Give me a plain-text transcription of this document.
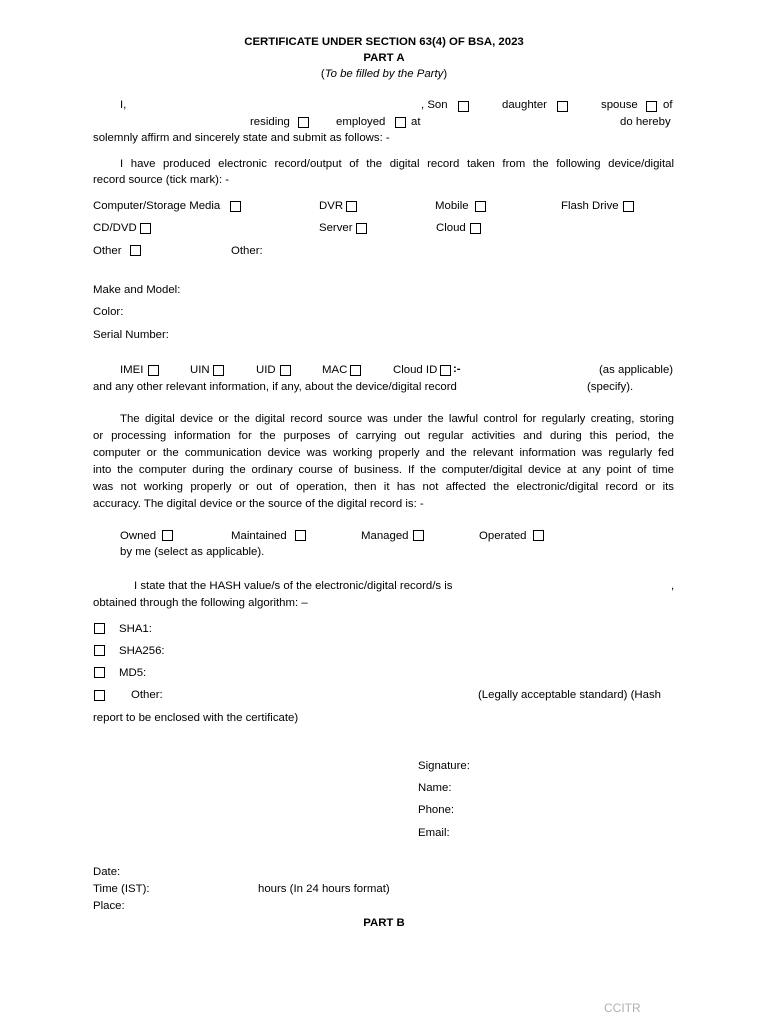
CERTIFICATE UNDER SECTION 63(4) OF BSA, 2023
PART A
(To be filled by the Party)
I,	, Son	daughter	spouse of
residing	employed at	do hereby
solemnly affirm and sincerely state and submit as follows: -
I have produced electronic record/output of the digital record taken from the following device/digital
record source (tick mark): -
Computer/Storage Media	DVR	Mobile	Flash Drive
CD/DVD	Server	Cloud
Other	Other:
Make and Model:
Color:
Serial Number:
IMEI	UIN	UID	MAC	Cloud ID :-	(as applicable)
and any other relevant information, if any, about the device/digital record	(specify).
The digital device or the digital record source was under the lawful control for regularly creating, storing
or processing information for the purposes of carrying out regular activities and during this period, the
computer or the communication device was working properly and the relevant information was regularly fed
into the computer during the ordinary course of business. If the computer/digital device at any point of time
was not working properly or out of operation, then it has not affected the electronic/digital record or its
accuracy. The digital device or the source of the digital record is: -
Owned	Maintained	Managed	Operated
by me (select as applicable).
I state that the HASH value/s of the electronic/digital record/s is	,
obtained through the following algorithm: –
SHA1:
SHA256:
MD5:
Other:	(Legally acceptable standard) (Hash
report to be enclosed with the certificate)
Signature:
Name:
Phone:
Email:
Date:
Time (IST):	hours (In 24 hours format)
Place:
PART B
CCITR
